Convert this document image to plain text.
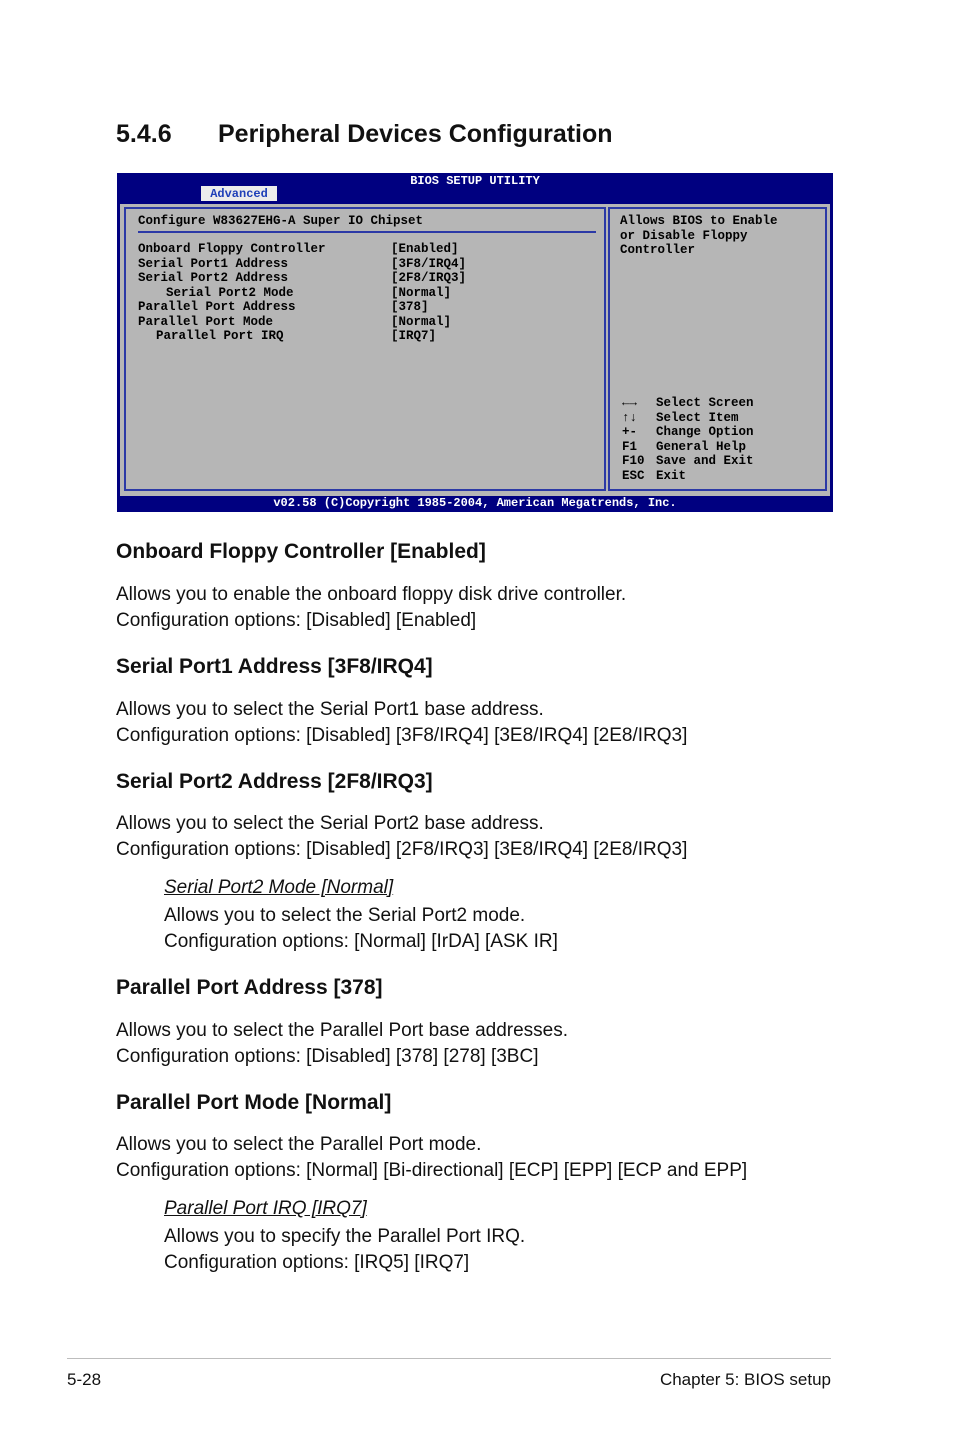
5.4.6 Peripheral Devices Configuration
BIOS SETUP UTILITY
Advanced
Configure W83627EHG-A Super IO Chipset
Onboard Floppy Controller	[Enabled]
Serial Port1 Address	[3F8/IRQ4]
Serial Port2 Address	[2F8/IRQ3]
Serial Port2 Mode	[Normal]
Parallel Port Address	[378]
Parallel Port Mode	[Normal]
Parallel Port IRQ	[IRQ7]
Allows BIOS to Enable
or Disable Floppy
Controller
←→ Select Screen
↑↓ Select Item
+- Change Option
F1 General Help
F10 Save and Exit
ESC Exit
v02.58 (C)Copyright 1985-2004, American Megatrends, Inc.
Onboard Floppy Controller [Enabled]

Allows you to enable the onboard floppy disk drive controller.

Configuration options: [Disabled] [Enabled]

Serial Port1 Address [3F8/IRQ4]

Allows you to select the Serial Port1 base address.

Configuration options: [Disabled] [3F8/IRQ4] [3E8/IRQ4] [2E8/IRQ3]

Serial Port2 Address [2F8/IRQ3]

Allows you to select the Serial Port2 base address.

Configuration options: [Disabled] [2F8/IRQ3] [3E8/IRQ4] [2E8/IRQ3]

Serial Port2 Mode [Normal]

Allows you to select the Serial Port2 mode.

Configuration options: [Normal] [IrDA] [ASK IR]

Parallel Port Address [378]

Allows you to select the Parallel Port base addresses.

Configuration options: [Disabled] [378] [278] [3BC]

Parallel Port Mode [Normal]

Allows you to select the Parallel Port mode.

Configuration options: [Normal] [Bi-directional] [ECP] [EPP] [ECP and EPP]

Parallel Port IRQ [IRQ7]

Allows you to specify the Parallel Port IRQ.

Configuration options: [IRQ5] [IRQ7]

5-28	Chapter 5: BIOS setup
